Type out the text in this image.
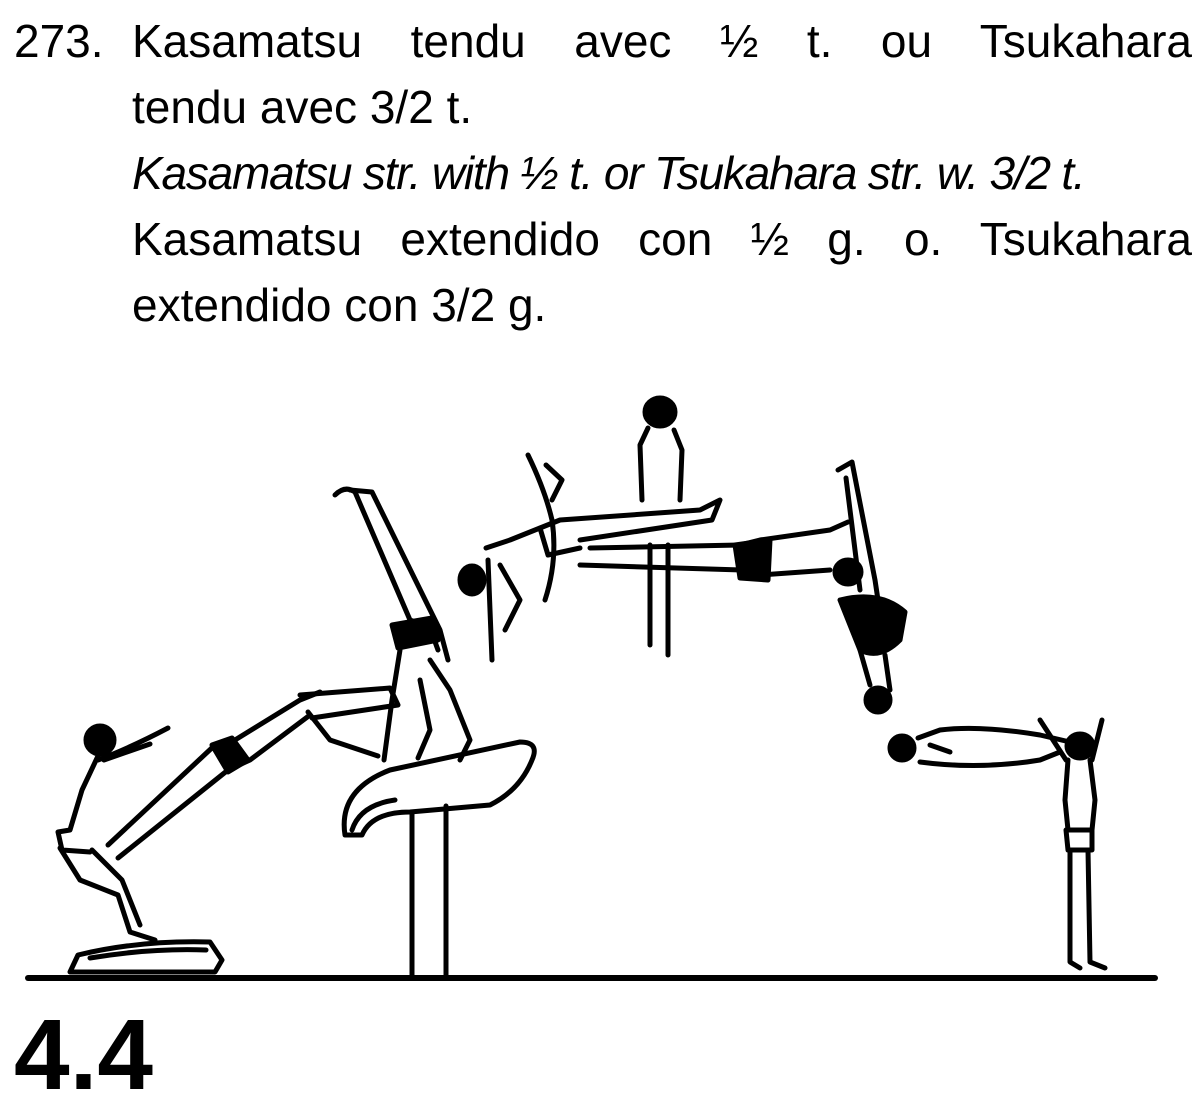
273. Kasamatsu tendu avec ½ t. ou Tsukahara
tendu avec 3/2 t.
Kasamatsu str. with ½ t. or Tsukahara str. w. 3/2 t.
Kasamatsu extendido con ½ g. o. Tsukahara
extendido con 3/2 g.
4.4
